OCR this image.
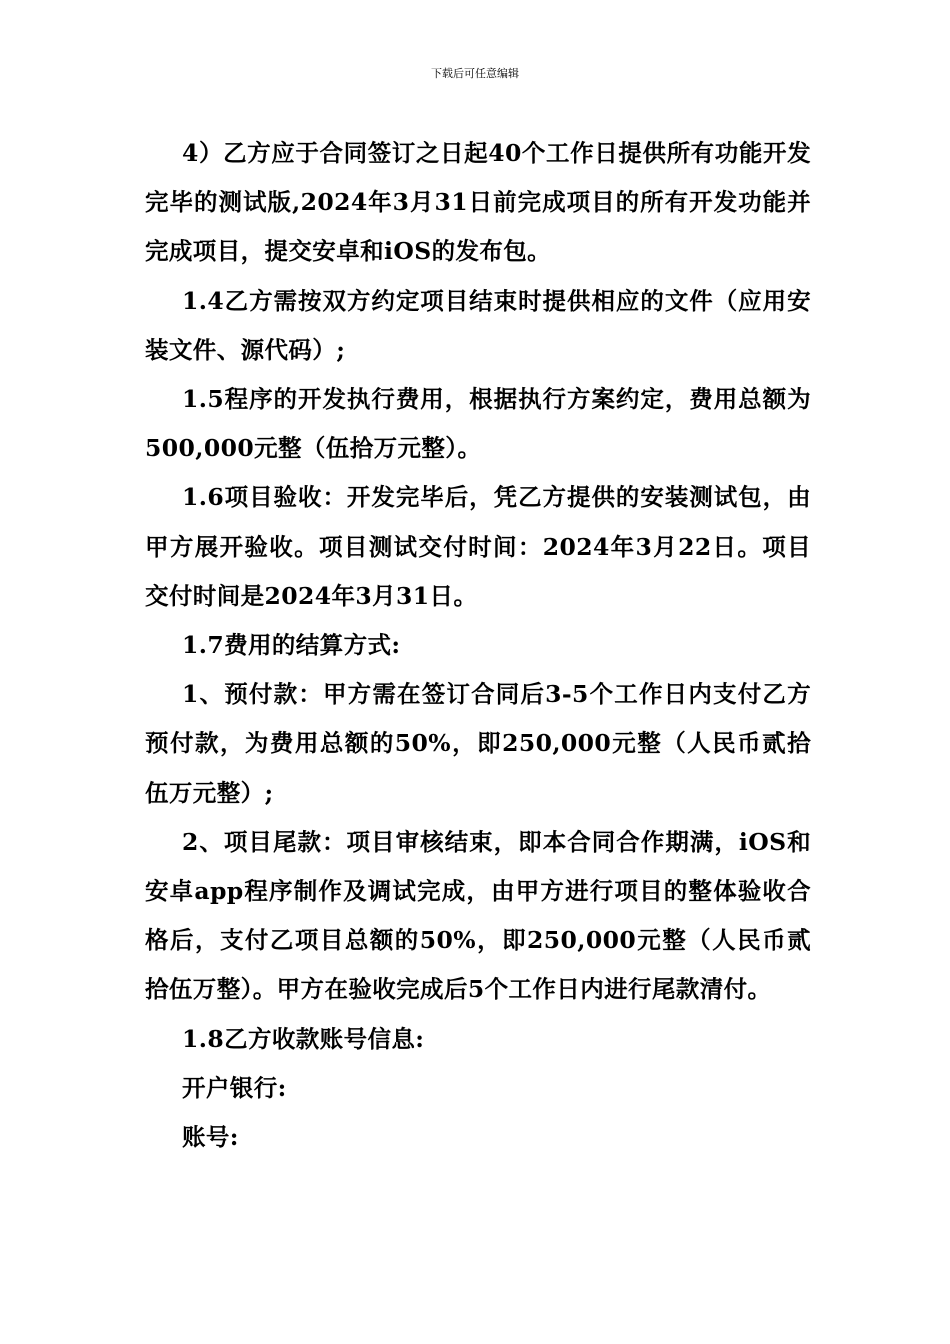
下载后可任意编辑

4）乙方应于合同签订之日起40个工作日提供所有功能开发完毕的测试版,2024年3月31日前完成项目的所有开发功能并完成项目，提交安卓和iOS的发布包。

1.4乙方需按双方约定项目结束时提供相应的文件（应用安装文件、源代码）;

1.5程序的开发执行费用，根据执行方案约定，费用总额为500,000元整（伍拾万元整）。

1.6项目验收：开发完毕后，凭乙方提供的安装测试包，由甲方展开验收。项目测试交付时间：2024年3月22日。项目交付时间是2024年3月31日。

1.7费用的结算方式:

1、预付款：甲方需在签订合同后3-5个工作日内支付乙方预付款，为费用总额的50%，即250,000元整（人民币贰拾伍万元整）;

2、项目尾款：项目审核结束，即本合同合作期满，iOS和安卓app程序制作及调试完成，由甲方进行项目的整体验收合格后，支付乙项目总额的50%，即250,000元整（人民币贰拾伍万整）。甲方在验收完成后5个工作日内进行尾款清付。

1.8乙方收款账号信息:

开户银行:

账号:
